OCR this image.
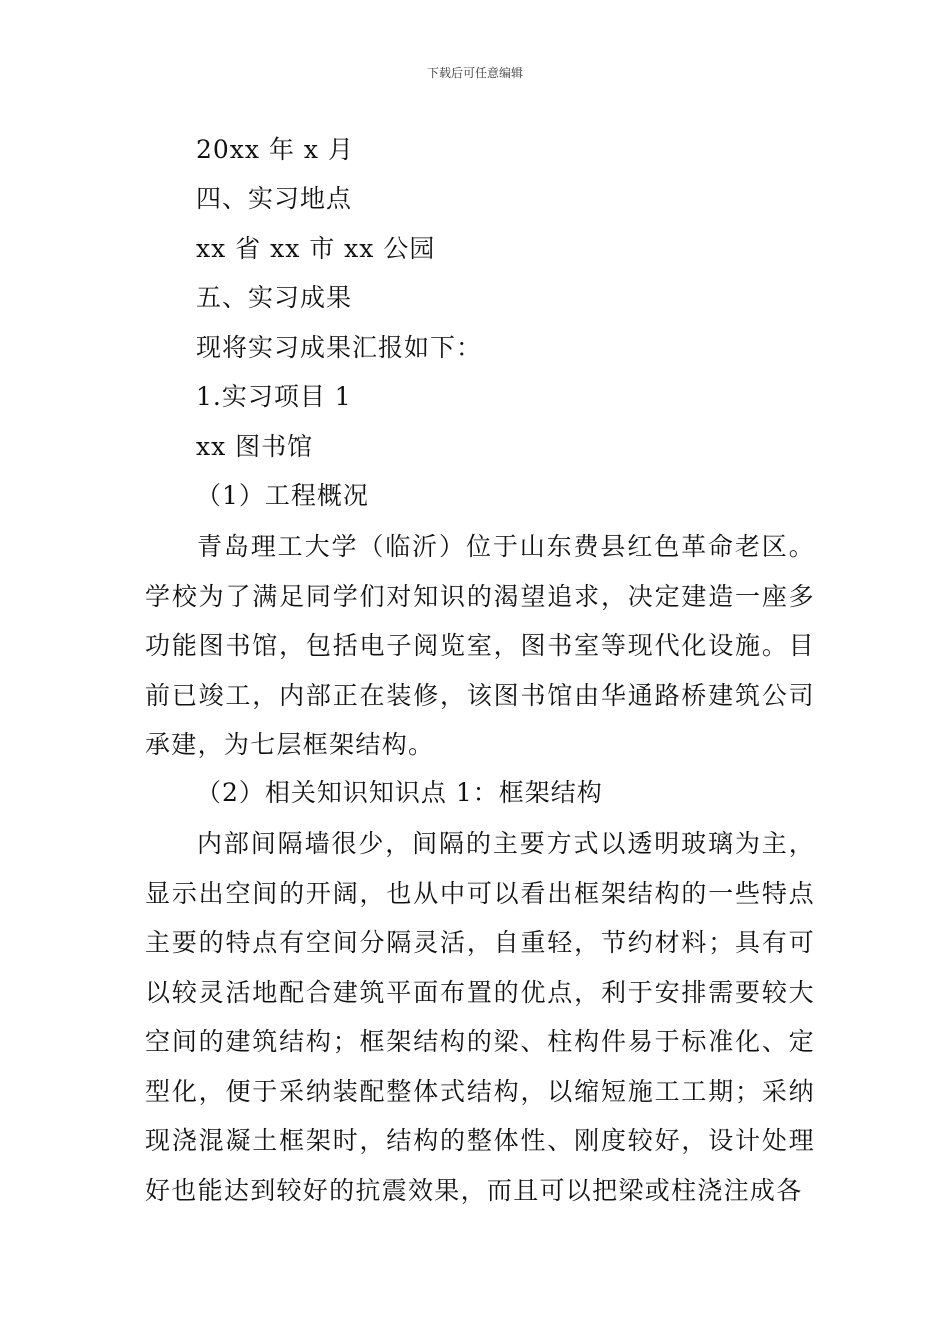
下载后可任意编辑
20xx 年 x 月
四、实习地点
xx 省 xx 市 xx 公园
五、实习成果
现将实习成果汇报如下：
1.实习项目 1
xx 图书馆
（1）工程概况
青岛理工大学（临沂）位于山东费县红色革命老区。学校为了满足同学们对知识的渴望追求，决定建造一座多功能图书馆，包括电子阅览室，图书室等现代化设施。目前已竣工，内部正在装修，该图书馆由华通路桥建筑公司承建，为七层框架结构。
（2）相关知识知识点 1：框架结构
内部间隔墙很少，间隔的主要方式以透明玻璃为主，显示出空间的开阔，也从中可以看出框架结构的一些特点主要的特点有空间分隔灵活，自重轻，节约材料；具有可以较灵活地配合建筑平面布置的优点，利于安排需要较大空间的建筑结构；框架结构的梁、柱构件易于标准化、定型化，便于采纳装配整体式结构，以缩短施工工期；采纳现浇混凝土框架时，结构的整体性、刚度较好，设计处理好也能达到较好的抗震效果，而且可以把梁或柱浇注成各
